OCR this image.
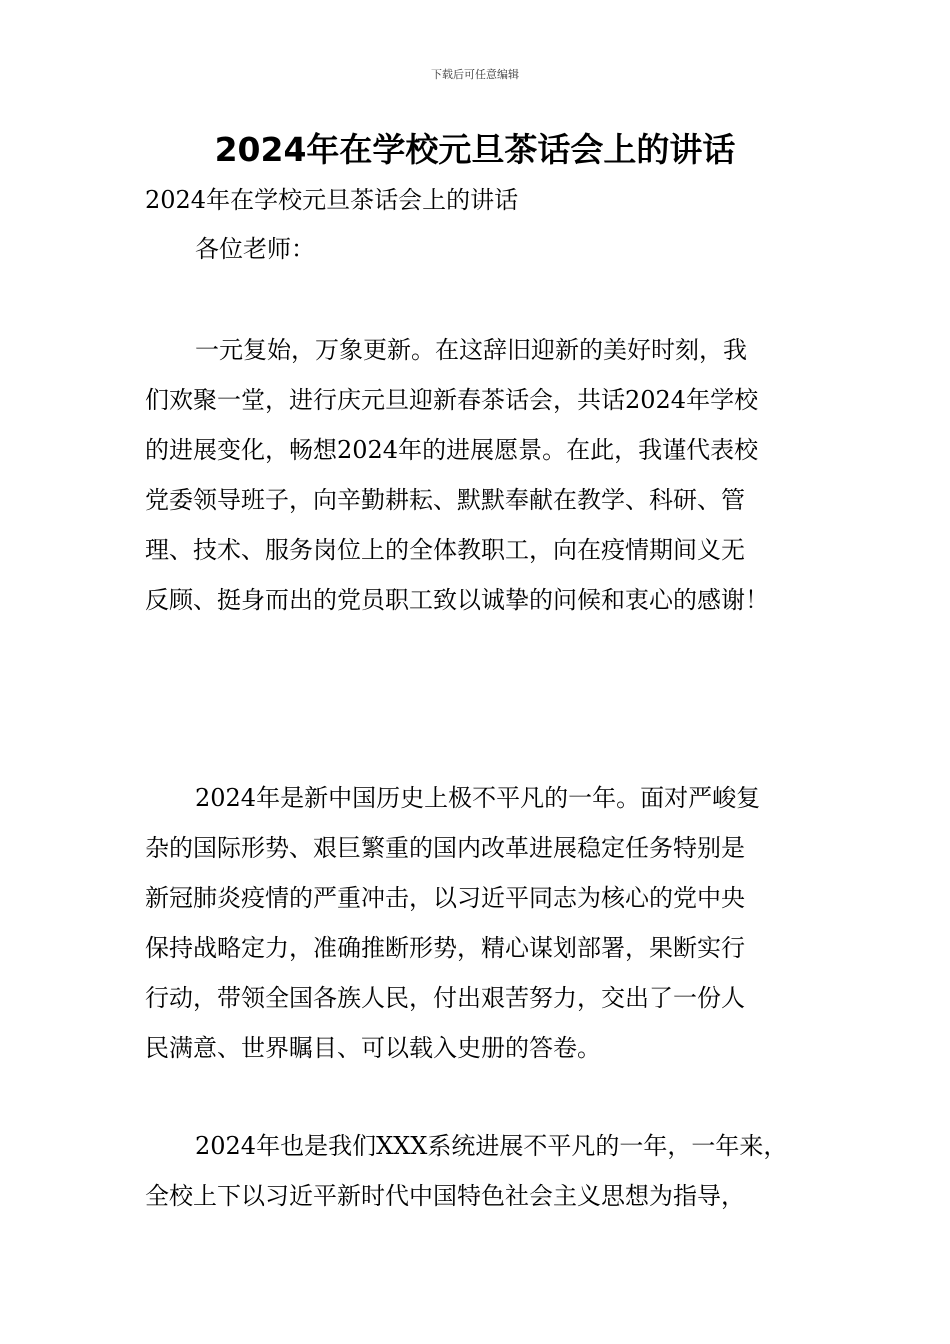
下载后可任意编辑
2024年在学校元旦茶话会上的讲话
2024年在学校元旦茶话会上的讲话
各位老师：

一元复始，万象更新。在这辞旧迎新的美好时刻，我
们欢聚一堂，进行庆元旦迎新春茶话会，共话2024年学校
的进展变化，畅想2024年的进展愿景。在此，我谨代表校
党委领导班子，向辛勤耕耘、默默奉献在教学、科研、管
理、技术、服务岗位上的全体教职工，向在疫情期间义无
反顾、挺身而出的党员职工致以诚挚的问候和衷心的感谢！

2024年是新中国历史上极不平凡的一年。面对严峻复
杂的国际形势、艰巨繁重的国内改革进展稳定任务特别是
新冠肺炎疫情的严重冲击，以习近平同志为核心的党中央
保持战略定力，准确推断形势，精心谋划部署，果断实行
行动，带领全国各族人民，付出艰苦努力，交出了一份人
民满意、世界瞩目、可以载入史册的答卷。

2024年也是我们XXX系统进展不平凡的一年，一年来，
全校上下以习近平新时代中国特色社会主义思想为指导，
